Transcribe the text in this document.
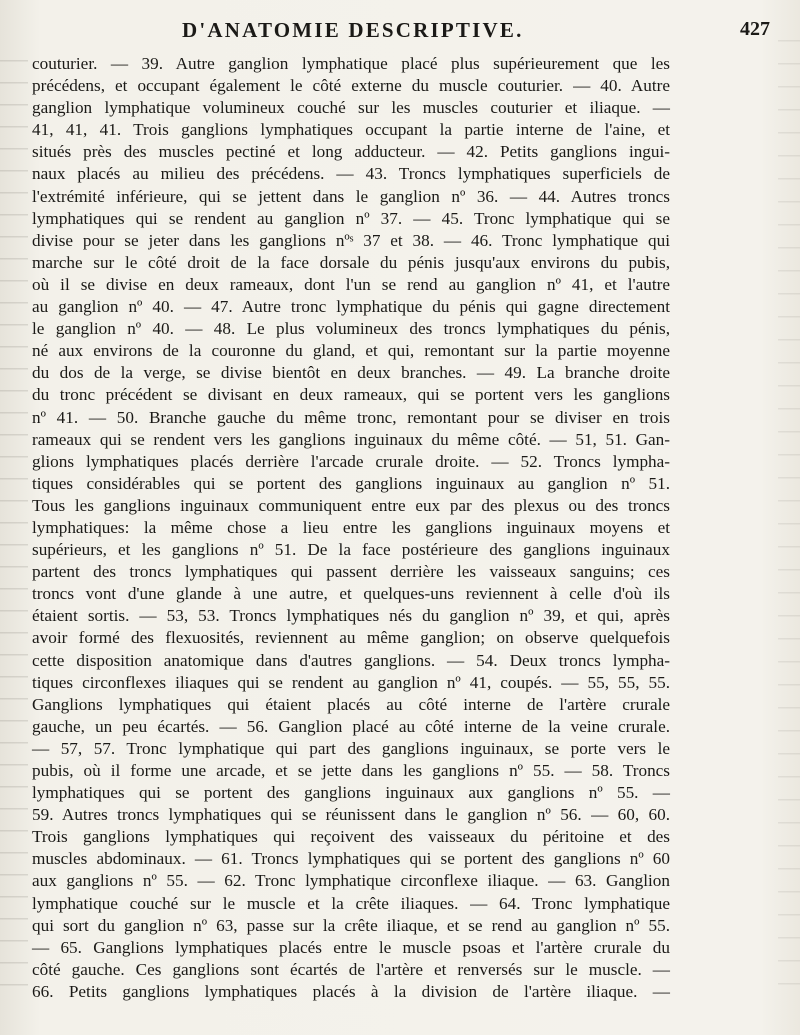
D'ANATOMIE DESCRIPTIVE.	427
couturier. — 39. Autre ganglion lymphatique placé plus supérieurement que les
précédens, et occupant également le côté externe du muscle couturier. — 40. Autre
ganglion lymphatique volumineux couché sur les muscles couturier et iliaque. —
41, 41, 41. Trois ganglions lymphatiques occupant la partie interne de l'aine, et
situés près des muscles pectiné et long adducteur. — 42. Petits ganglions ingui-
naux placés au milieu des précédens. — 43. Troncs lymphatiques superficiels de
l'extrémité inférieure, qui se jettent dans le ganglion nº 36. — 44. Autres troncs
lymphatiques qui se rendent au ganglion nº 37. — 45. Tronc lymphatique qui se
divise pour se jeter dans les ganglions nºˢ 37 et 38. — 46. Tronc lymphatique qui
marche sur le côté droit de la face dorsale du pénis jusqu'aux environs du pubis,
où il se divise en deux rameaux, dont l'un se rend au ganglion nº 41, et l'autre
au ganglion nº 40. — 47. Autre tronc lymphatique du pénis qui gagne directement
le ganglion nº 40. — 48. Le plus volumineux des troncs lymphatiques du pénis,
né aux environs de la couronne du gland, et qui, remontant sur la partie moyenne
du dos de la verge, se divise bientôt en deux branches. — 49. La branche droite
du tronc précédent se divisant en deux rameaux, qui se portent vers les ganglions
nº 41. — 50. Branche gauche du même tronc, remontant pour se diviser en trois
rameaux qui se rendent vers les ganglions inguinaux du même côté. — 51, 51. Gan-
glions lymphatiques placés derrière l'arcade crurale droite. — 52. Troncs lympha-
tiques considérables qui se portent des ganglions inguinaux au ganglion nº 51.
Tous les ganglions inguinaux communiquent entre eux par des plexus ou des troncs
lymphatiques: la même chose a lieu entre les ganglions inguinaux moyens et
supérieurs, et les ganglions nº 51. De la face postérieure des ganglions inguinaux
partent des troncs lymphatiques qui passent derrière les vaisseaux sanguins; ces
troncs vont d'une glande à une autre, et quelques-uns reviennent à celle d'où ils
étaient sortis. — 53, 53. Troncs lymphatiques nés du ganglion nº 39, et qui, après
avoir formé des flexuosités, reviennent au même ganglion; on observe quelquefois
cette disposition anatomique dans d'autres ganglions. — 54. Deux troncs lympha-
tiques circonflexes iliaques qui se rendent au ganglion nº 41, coupés. — 55, 55, 55.
Ganglions lymphatiques qui étaient placés au côté interne de l'artère crurale
gauche, un peu écartés. — 56. Ganglion placé au côté interne de la veine crurale.
— 57, 57. Tronc lymphatique qui part des ganglions inguinaux, se porte vers le
pubis, où il forme une arcade, et se jette dans les ganglions nº 55. — 58. Troncs
lymphatiques qui se portent des ganglions inguinaux aux ganglions nº 55. —
59. Autres troncs lymphatiques qui se réunissent dans le ganglion nº 56. — 60, 60.
Trois ganglions lymphatiques qui reçoivent des vaisseaux du péritoine et des
muscles abdominaux. — 61. Troncs lymphatiques qui se portent des ganglions nº 60
aux ganglions nº 55. — 62. Tronc lymphatique circonflexe iliaque. — 63. Ganglion
lymphatique couché sur le muscle et la crête iliaques. — 64. Tronc lymphatique
qui sort du ganglion nº 63, passe sur la crête iliaque, et se rend au ganglion nº 55.
— 65. Ganglions lymphatiques placés entre le muscle psoas et l'artère crurale du
côté gauche. Ces ganglions sont écartés de l'artère et renversés sur le muscle. —
66. Petits ganglions lymphatiques placés à la division de l'artère iliaque. —
